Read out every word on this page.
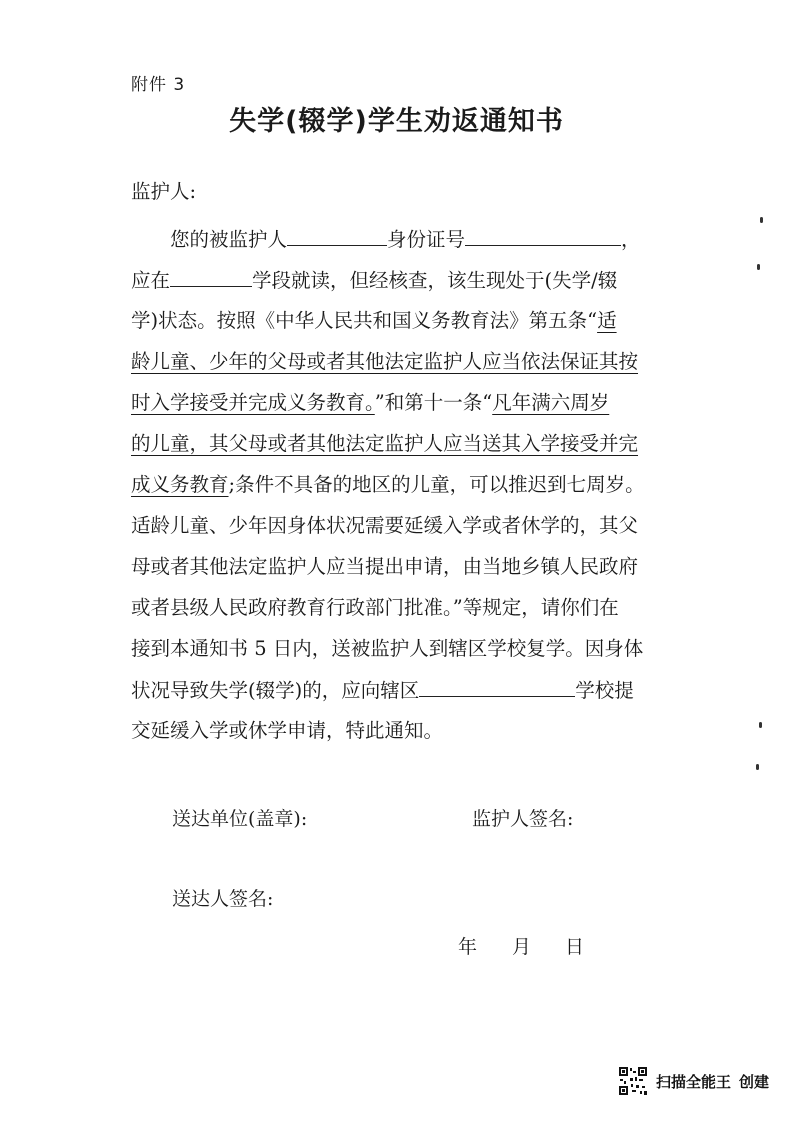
附件 3
失学(辍学)学生劝返通知书
监护人:
您的被监护人	身份证号	，
应在	学段就读，但经核查，该生现处于(失学/辍
学)状态。按照《中华人民共和国义务教育法》第五条“适
龄儿童、少年的父母或者其他法定监护人应当依法保证其按
时入学接受并完成义务教育。”和第十一条“凡年满六周岁
的儿童，其父母或者其他法定监护人应当送其入学接受并完
成义务教育;条件不具备的地区的儿童，可以推迟到七周岁。
适龄儿童、少年因身体状况需要延缓入学或者休学的，其父
母或者其他法定监护人应当提出申请，由当地乡镇人民政府
或者县级人民政府教育行政部门批准。”等规定，请你们在
接到本通知书 5 日内，送被监护人到辖区学校复学。因身体
状况导致失学(辍学)的，应向辖区	学校提
交延缓入学或休学申请，特此通知。
送达单位(盖章):	监护人签名:
送达人签名:
年 月 日
扫描全能王 创建
